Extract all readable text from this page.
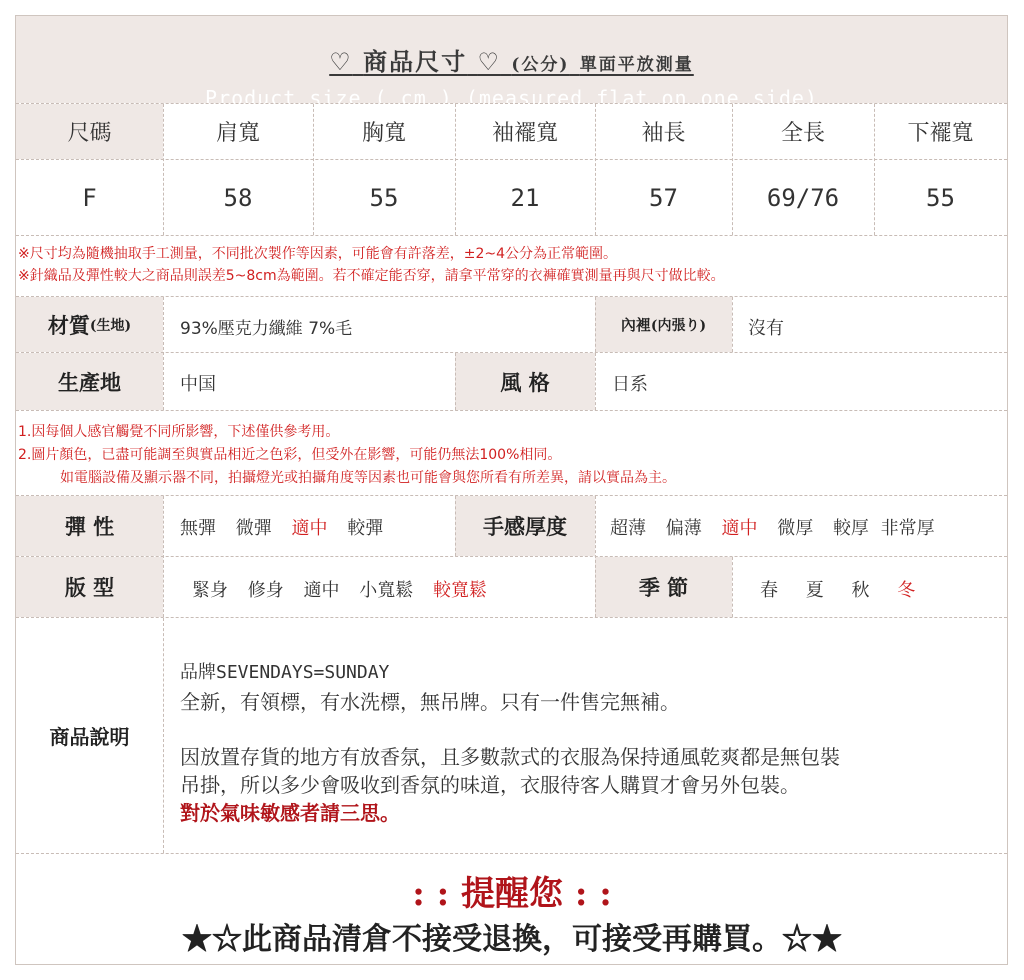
♡ 商品尺寸 ♡ (公分) 單面平放測量
Product size ( cm ) (measured flat on one side)
尺碼	肩寬	胸寬	袖襬寬	袖長	全長	下襬寬
F	58	55	21	57	69/76	55
※尺寸均為隨機抽取手工測量，不同批次製作等因素，可能會有許落差，±2~4公分為正常範圍。
※針織品及彈性較大之商品則誤差5~8cm為範圍。若不確定能否穿，請拿平常穿的衣褲確實測量再與尺寸做比較。
材質 (生地)	93%壓克力纖維 7%毛	內裡 (内張り) 沒有
生產地	中国	風 格	日系
1.因每個人感官觸覺不同所影響，下述僅供參考用。
2.圖片顏色，已盡可能調至與實品相近之色彩，但受外在影響，可能仍無法100%相同。
如電腦設備及顯示器不同，拍攝燈光或拍攝角度等因素也可能會與您所看有所差異，請以實品為主。
彈 性	無彈 微彈 適中 較彈	手感厚度	超薄 偏薄 適中 微厚 較厚 非常厚
版 型	緊身 修身 適中 小寬鬆 較寬鬆	季 節	春 夏 秋 冬
商品說明
品牌SEVENDAYS=SUNDAY
全新，有領標，有水洗標，無吊牌。只有一件售完無補。
因放置存貨的地方有放香氛，且多數款式的衣服為保持通風乾爽都是無包裝
吊掛，所以多少會吸收到香氛的味道，衣服待客人購買才會另外包裝。
對於氣味敏感者請三思。
: : 提醒您 : :
★☆此商品清倉不接受退換，可接受再購買。☆★
